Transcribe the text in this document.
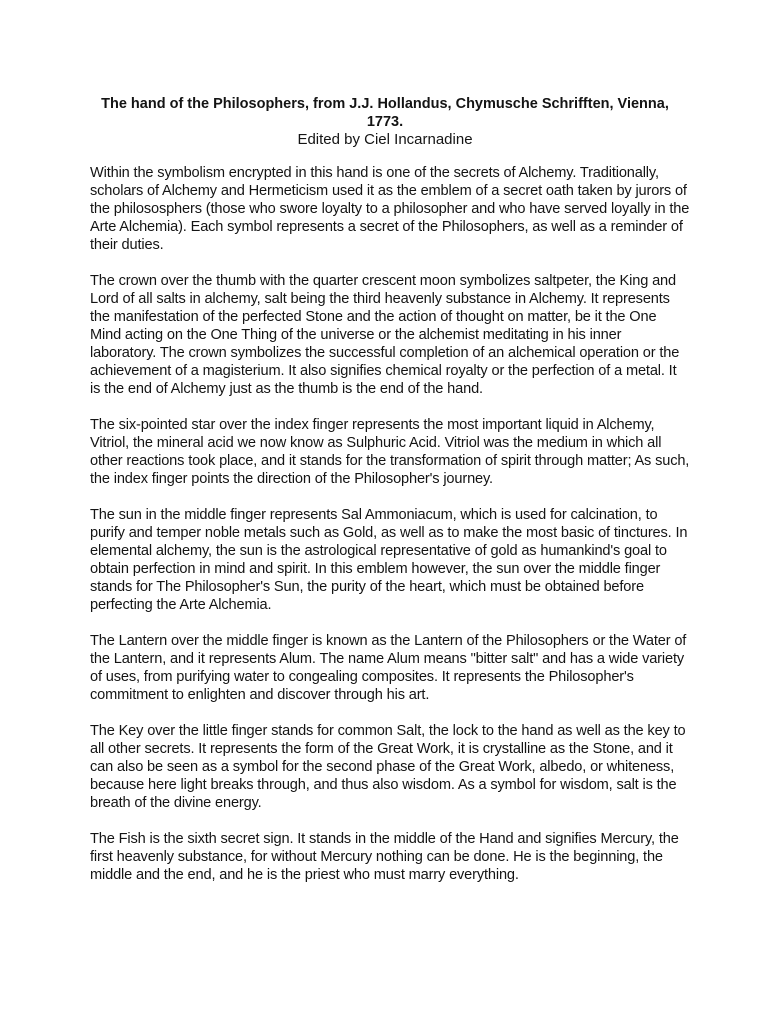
The hand of the Philosophers, from J.J. Hollandus, Chymusche Schrifften, Vienna, 1773.

Edited by Ciel Incarnadine

Within the symbolism encrypted in this hand is one of the secrets of Alchemy. Traditionally, scholars of Alchemy and Hermeticism used it as the emblem of a secret oath taken by jurors of the philososphers (those who swore loyalty to a philosopher and who have served loyally in the Arte Alchemia). Each symbol represents a secret of the Philosophers, as well as a reminder of their duties.

The crown over the thumb with the quarter crescent moon symbolizes saltpeter, the King and Lord of all salts in alchemy, salt being the third heavenly substance in Alchemy. It represents the manifestation of the perfected Stone and the action of thought on matter, be it the One Mind acting on the One Thing of the universe or the alchemist meditating in his inner laboratory. The crown symbolizes the successful completion of an alchemical operation or the achievement of a magisterium. It also signifies chemical royalty or the perfection of a metal. It is the end of Alchemy just as the thumb is the end of the hand.

The six-pointed star over the index finger represents the most important liquid in Alchemy, Vitriol, the mineral acid we now know as Sulphuric Acid. Vitriol was the medium in which all other reactions took place, and it stands for the transformation of spirit through matter; As such, the index finger points the direction of the Philosopher's journey.

The sun in the middle finger represents Sal Ammoniacum, which is used for calcination, to purify and temper noble metals such as Gold, as well as to make the most basic of tinctures. In elemental alchemy, the sun is the astrological representative of gold as humankind's goal to obtain perfection in mind and spirit. In this emblem however, the sun over the middle finger stands for The Philosopher's Sun, the purity of the heart, which must be obtained before perfecting the Arte Alchemia.

The Lantern over the middle finger is known as the Lantern of the Philosophers or the Water of the Lantern, and it represents Alum. The name Alum means "bitter salt" and has a wide variety of uses, from purifying water to congealing composites. It represents the Philosopher's commitment to enlighten and discover through his art.

The Key over the little finger stands for common Salt, the lock to the hand as well as the key to all other secrets. It represents the form of the Great Work, it is crystalline as the Stone, and it can also be seen as a symbol for the second phase of the Great Work, albedo, or whiteness, because here light breaks through, and thus also wisdom. As a symbol for wisdom, salt is the breath of the divine energy.

The Fish is the sixth secret sign. It stands in the middle of the Hand and signifies Mercury, the first heavenly substance, for without Mercury nothing can be done. He is the beginning, the middle and the end, and he is the priest who must marry everything.
